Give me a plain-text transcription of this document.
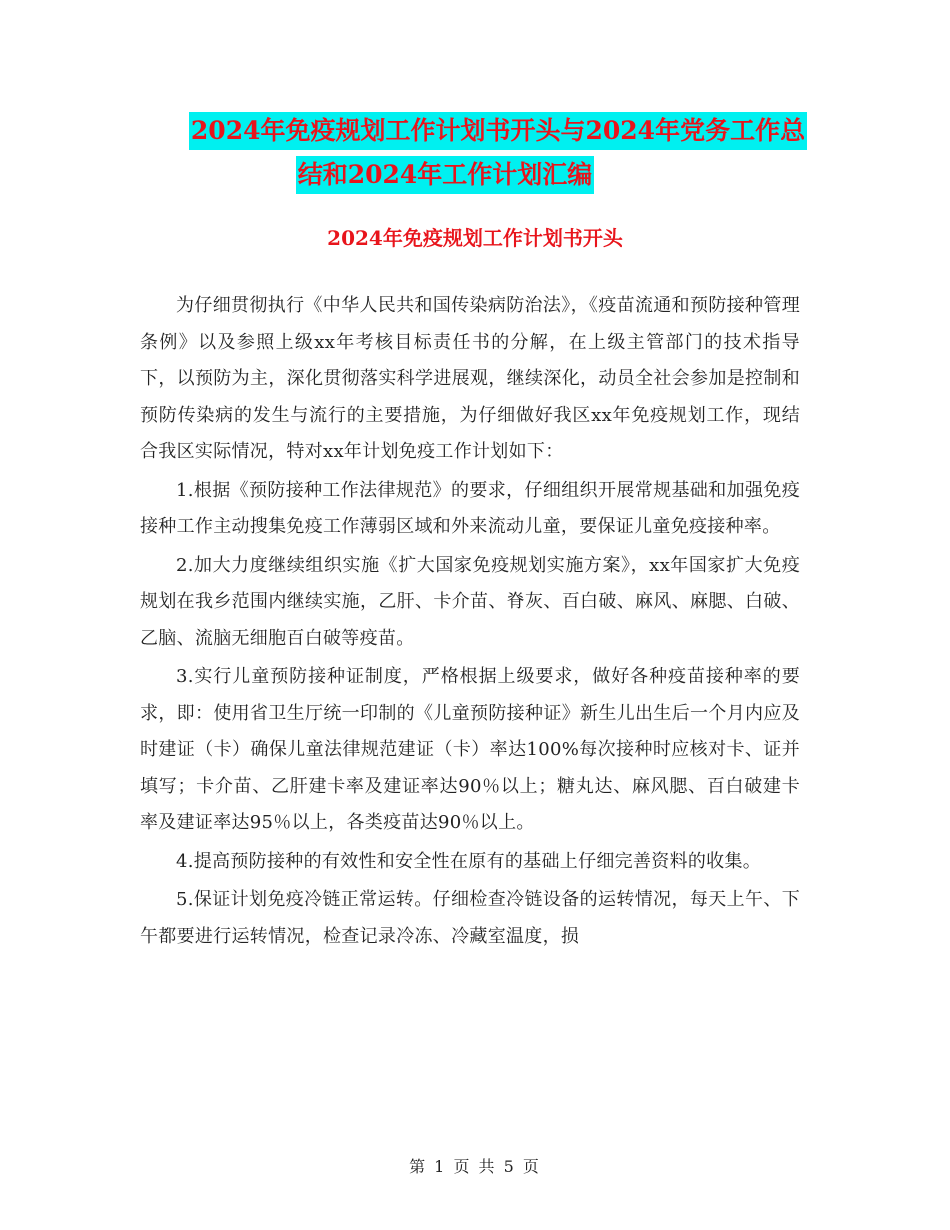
2024年免疫规划工作计划书开头与2024年党务工作总
结和2024年工作计划汇编
2024年免疫规划工作计划书开头

为仔细贯彻执行《中华人民共和国传染病防治法》，《疫苗流通和预防接种管理条例》以及参照上级xx年考核目标责任书的分解，在上级主管部门的技术指导下，以预防为主，深化贯彻落实科学进展观，继续深化，动员全社会参加是控制和预防传染病的发生与流行的主要措施，为仔细做好我区xx年免疫规划工作，现结合我区实际情况，特对xx年计划免疫工作计划如下：

1.根据《预防接种工作法律规范》的要求，仔细组织开展常规基础和加强免疫接种工作主动搜集免疫工作薄弱区域和外来流动儿童，要保证儿童免疫接种率。

2.加大力度继续组织实施《扩大国家免疫规划实施方案》，xx年国家扩大免疫规划在我乡范围内继续实施，乙肝、卡介苗、脊灰、百白破、麻风、麻腮、白破、乙脑、流脑无细胞百白破等疫苗。

3.实行儿童预防接种证制度，严格根据上级要求，做好各种疫苗接种率的要求，即：使用省卫生厅统一印制的《儿童预防接种证》新生儿出生后一个月内应及时建证（卡）确保儿童法律规范建证（卡）率达100%每次接种时应核对卡、证并填写；卡介苗、乙肝建卡率及建证率达90％以上；糖丸达、麻风腮、百白破建卡率及建证率达95％以上，各类疫苗达90％以上。

4.提高预防接种的有效性和安全性在原有的基础上仔细完善资料的收集。

5.保证计划免疫冷链正常运转。仔细检查冷链设备的运转情况，每天上午、下午都要进行运转情况，检查记录冷冻、冷藏室温度，损

第 1 页 共 5 页
